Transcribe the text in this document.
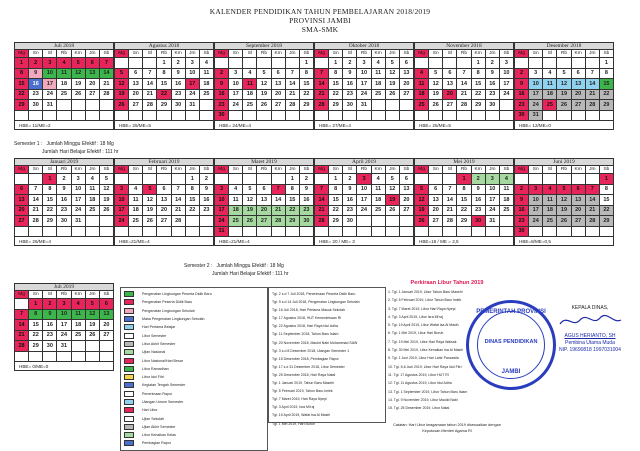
KALENDER PENDIDIKAN TAHUN PEMBELAJARAN 2018/2019
PROVINSI JAMBI
SMA-SMK
Juli 2018
Mg	Sn	Sl	Rb	Km	Jm	Sb
1	2	3	4	5	6	7
8	9	10	11	12	13	14
15	16	17	18	19	20	21
22	23	24	25	26	27	28
29	30	31				

HBE= 11/ME=2
Agustus 2018
Mg	Sn	Sl	Rb	Km	Jm	Sb
			1	2	3	4
5	6	7	8	9	10	11
12	13	14	15	16	17	18
19	20	21	22	23	24	25
26	27	28	29	30	31	

HBE= 25/ME=5
September 2018
Mg	Sn	Sl	Rb	Km	Jm	Sb
						1
2	3	4	5	6	7	8
9	10	11	12	13	14	15
16	17	18	19	20	21	22
23	24	25	26	27	28	29
30						
HBE= 24/ME=4
Oktober 2018
Mg	Sn	Sl	Rb	Km	Jm	Sb
	1	2	3	4	5	6
7	8	9	10	11	12	13
14	15	16	17	18	19	20
21	22	23	24	25	26	27
28	29	30	31			

HBE= 27/ME=4
November 2018
Mg	Sn	Sl	Rb	Km	Jm	Sb
				1	2	3
4	5	6	7	8	9	10
11	12	13	14	15	16	17
18	19	20	21	22	23	24
25	26	27	28	29	30	

HBE= 25/ME=5
Desember 2018
Mg	Sn	Sl	Rb	Km	Jm	Sb
						1
2	3	4	5	6	7	8
9	10	11	12	13	14	15
16	17	18	19	20	21	22
23	24	25	26	27	28	29
30	31					
HBE= 12/ME=0
Januari 2019
Mg	Sn	Sl	Rb	Km	Jm	Sb
		1	2	3	4	5
6	7	8	9	10	11	12
13	14	15	16	17	18	19
20	21	22	23	24	25	26
27	28	29	30	31		

HBE= 26/ME=4
Februari 2019
Mg	Sn	Sl	Rb	Km	Jm	Sb
					1	2
3	4	5	6	7	8	9
10	11	12	13	14	15	16
17	18	19	20	21	22	23
24	25	26	27	28		

HBE=21/ME=4
Maret 2019
Mg	Sn	Sl	Rb	Km	Jm	Sb
					1	2
3	4	5	6	7	8	9
10	11	12	13	14	15	16
17	18	19	20	21	22	23
24	25	26	27	28	29	30
31						
HBE=21/ME=4
April 2019
Mg	Sn	Sl	Rb	Km	Jm	Sb
	1	2	3	4	5	6
7	8	9	10	11	12	13
14	15	16	17	18	19	20
21	22	23	24	25	26	27
28	29	30				

HBE= 20 / ME= 3
Mei 2019
Mg	Sn	Sl	Rb	Km	Jm	Sb
			1	2	3	4
5	6	7	8	9	10	11
12	13	14	15	16	17	18
19	20	21	22	23	24	25
26	27	28	29	30	31	

HBE=18 / ME = 2,5
Juni 2019
Mg	Sn	Sl	Rb	Km	Jm	Sb
						1
2	3	4	5	6	7	8
9	10	11	12	13	14	15
16	17	18	19	20	21	22
23	24	25	26	27	28	29
30						
HBE=8/ME=0,5
Juli 2019
Mg	Sn	Sl	Rb	Km	Jm	Sb
	1	2	3	4	5	6
7	8	9	10	11	12	13
14	15	16	17	18	19	20
21	22	23	24	25	26	27
28	29	30	31			

HBE= 0/ME=0
Semester 1 : Jumlah Minggu Efektif : 18 Mg
Jumlah Hari Belajar Efektif : 111 hr
Semester 2 : Jumlah Minggu Efektif : 18 Mg
Jumlah Hari Belajar Efektif : 111 hr
Pengenalan Lingkungan Peserta Didik Baru
Pengenalan Peserta Didik Baru
Pengenalan Lingkungan Sekolah
Masa Pengenalan Lingkungan Sekolah
Hari Pertama Belajar
Libur Semester
Libur Akhir Semester
Ujian Nasional
Libur Nasional/Hari Besar
Libur Ramadhan
Libur Idul Fitri
Kegiatan Tengah Semester
Penerimaan Rapor
Ulangan Umum Semester
Hari Libur
Ujian Sekolah
Ujian Akhir Semester
Libur Kenaikan Kelas
Pembagian Rapor
Tgl. 2 s.d 7 Juli 2018, Penerimaan Peserta Didik Baru
Tgl. 9 s.d 14 Juli 2018, Pengenalan Lingkungan Sekolah
Tgl. 16 Juli 2018, Hari Pertama Masuk Sekolah
Tgl. 17 Agustus 2018, HUT Kemerdekaan RI
Tgl. 22 Agustus 2018, Hari Raya Idul Adha
Tgl. 11 September 2018, Tahun Baru Islam
Tgl. 20 November 2018, Maulid Nabi Muhammad SAW
Tgl. 3 s.d 8 Desember 2018, Ulangan Semester 1
Tgl. 15 Desember 2018, Pembagian Rapor
Tgl. 17 s.d 31 Desember 2018, Libur Semester
Tgl. 25 Desember 2018, Hari Raya Natal
Tgl. 1 Januari 2019, Tahun Baru Masehi
Tgl. 5 Februari 2019, Tahun Baru Imlek
Tgl. 7 Maret 2019, Hari Raya Nyepi
Tgl. 3 April 2019, Isra Mi'raj
Tgl. 19 April 2019, Wafat Isa Al Masih
Tgl. 1 Mei 2019, Hari Buruh
Perkiraan Libur Tahun 2019
1. Tgl. 1 Januari 2019, Libur Tahun Baru Masehi
2. Tgl. 5 Februari 2019, Libur Tahun Baru Imlek
3. Tgl. 7 Maret 2019, Libur Hari Raya Nyepi
4. Tgl. 3 April 2019, Libur Isra Mi'raj
5. Tgl. 19 April 2019, Libur Wafat Isa Al Masih
6. Tgl. 1 Mei 2019, Libur Hari Buruh
7. Tgl. 19 Mei 2019, Libur Hari Raya Waisak
8. Tgl. 30 Mei 2019, Libur Kenaikan Isa Al Masih
9. Tgl. 1 Juni 2019, Libur Hari Lahir Pancasila
10. Tgl. 5-6 Juni 2019, Libur Hari Raya Idul Fitri
11. Tgl. 17 Agustus 2019, Libur HUT RI
12. Tgl. 11 Agustus 2019, Libur Idul Adha
13. Tgl. 1 September 2019, Libur Tahun Baru Islam
14. Tgl. 9 November 2019, Libur Maulid Nabi
15. Tgl. 25 Desember 2019, Libur Natal
Catatan: Hari Libur keagamaan tahun 2019 disesuaikan dengan Keputusan Menteri Agama RI
PEMERINTAH PROVINSI
DINAS PENDIDIKAN
JAMBI
KEPALA DINAS,
AGUS HERIANTO, SH
Pembina Utama Muda
NIP. 19690818 1997031004
